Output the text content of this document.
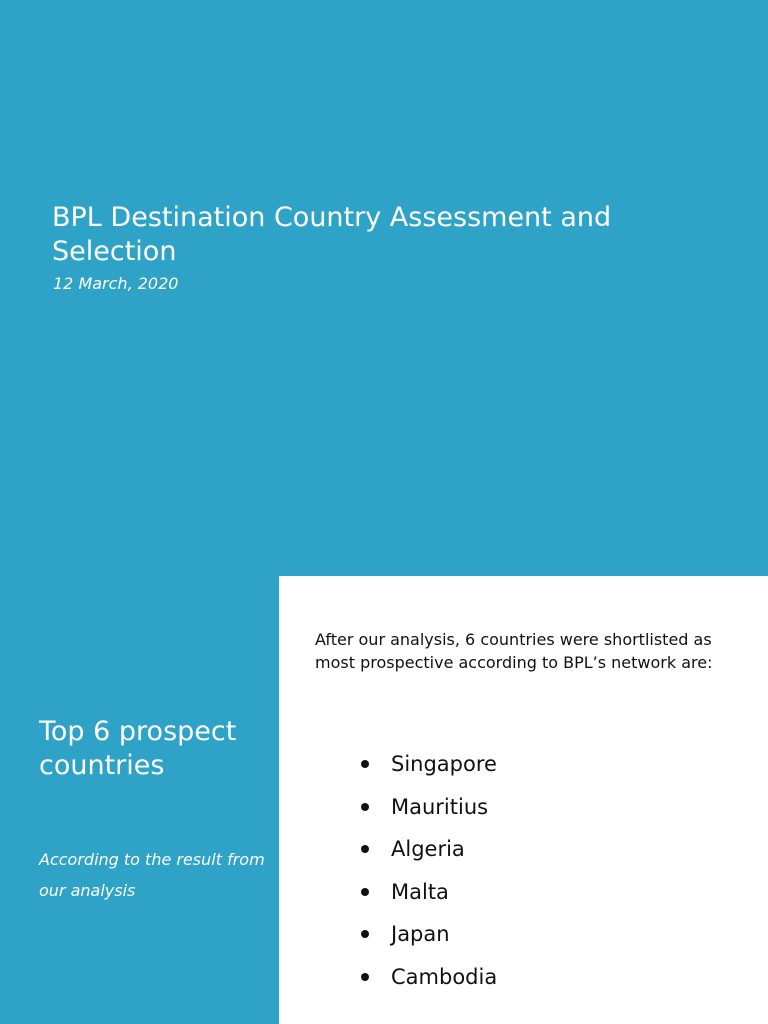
BPL Destination Country Assessment and Selection

12 March, 2020

Top 6 prospect countries

According to the result from our analysis

After our analysis, 6 countries were shortlisted as most prospective according to BPL’s network are:

Singapore
Mauritius
Algeria
Malta
Japan
Cambodia
